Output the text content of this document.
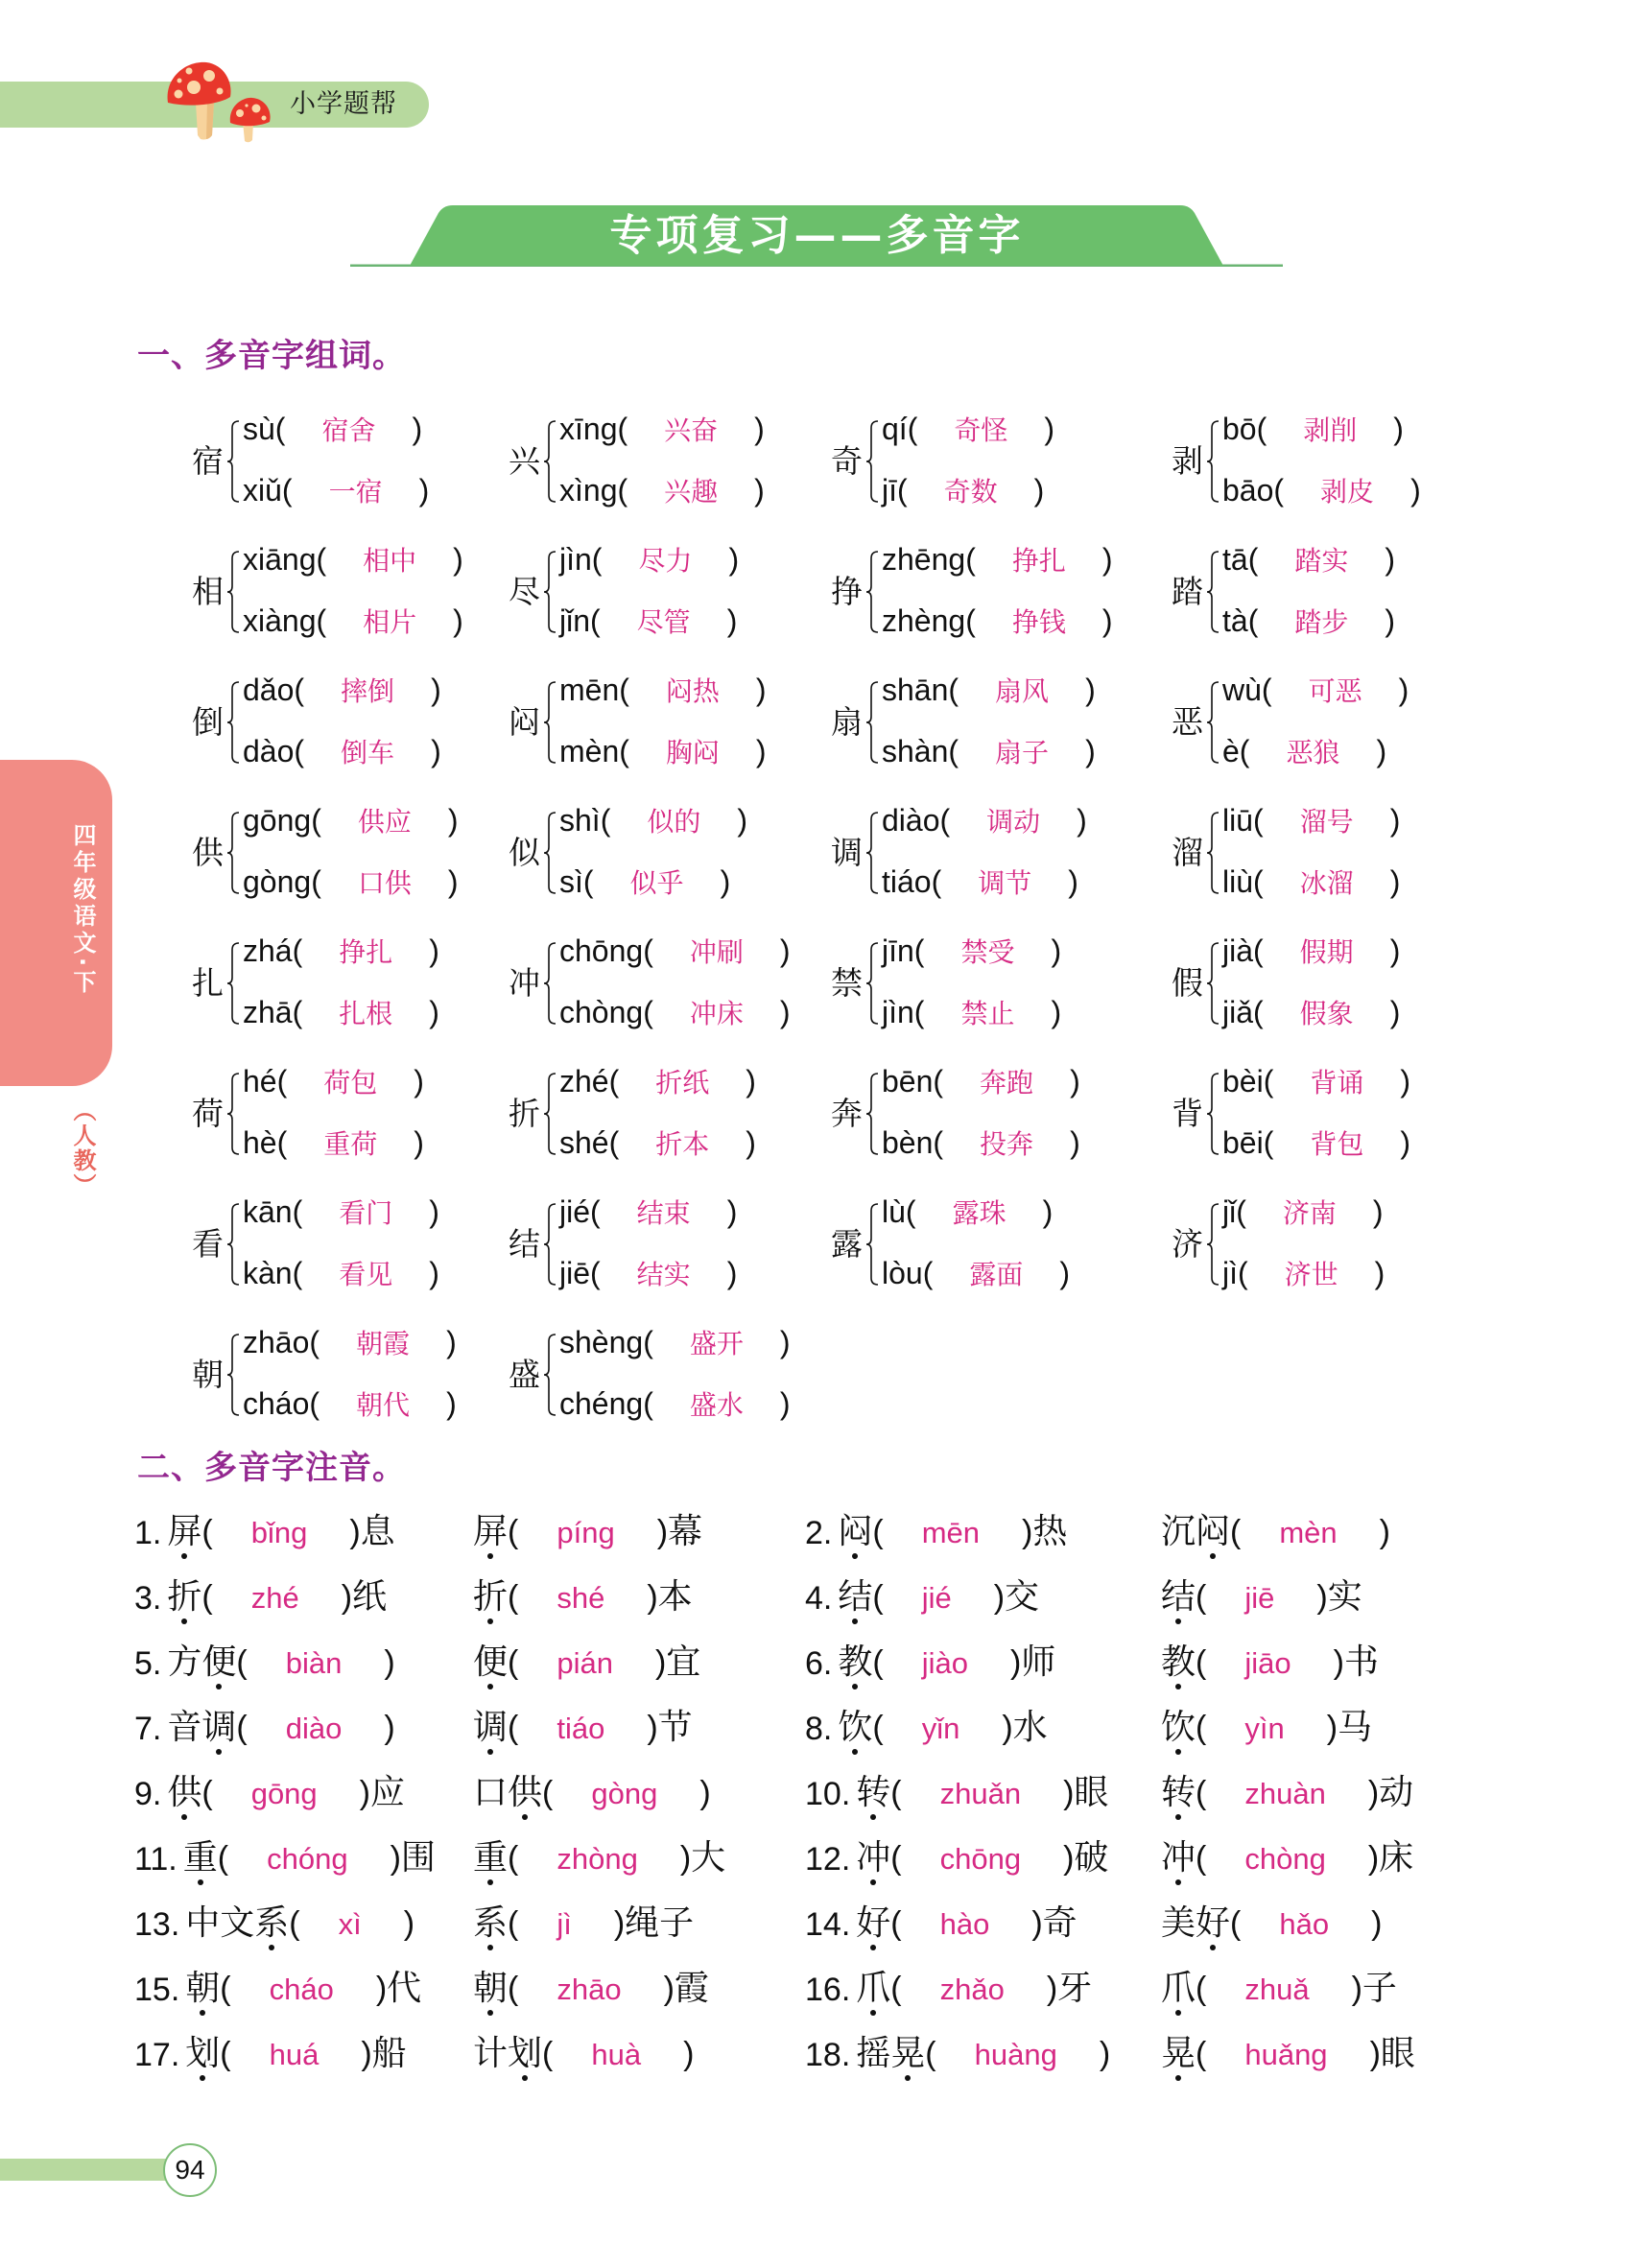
小学题帮
专项复习——多音字
四年级语文·下
（人教）
一、多音字组词。
宿
sù( 宿舍 )
xiǔ( 一宿 )
兴
xīng( 兴奋 )
xìng( 兴趣 )
奇
qí( 奇怪 )
jī( 奇数 )
剥
bō( 剥削 )
bāo( 剥皮 )
相
xiāng( 相中 )
xiàng( 相片 )
尽
jìn( 尽力 )
jǐn( 尽管 )
挣
zhēng( 挣扎 )
zhèng( 挣钱 )
踏
tā( 踏实 )
tà( 踏步 )
倒
dǎo( 摔倒 )
dào( 倒车 )
闷
mēn( 闷热 )
mèn( 胸闷 )
扇
shān( 扇风 )
shàn( 扇子 )
恶
wù( 可恶 )
è( 恶狼 )
供
gōng( 供应 )
gòng( 口供 )
似
shì( 似的 )
sì( 似乎 )
调
diào( 调动 )
tiáo( 调节 )
溜
liū( 溜号 )
liù( 冰溜 )
扎
zhá( 挣扎 )
zhā( 扎根 )
冲
chōng( 冲刷 )
chòng( 冲床 )
禁
jīn( 禁受 )
jìn( 禁止 )
假
jià( 假期 )
jiǎ( 假象 )
荷
hé( 荷包 )
hè( 重荷 )
折
zhé( 折纸 )
shé( 折本 )
奔
bēn( 奔跑 )
bèn( 投奔 )
背
bèi( 背诵 )
bēi( 背包 )
看
kān( 看门 )
kàn( 看见 )
结
jié( 结束 )
jiē( 结实 )
露
lù( 露珠 )
lòu( 露面 )
济
jǐ( 济南 )
jì( 济世 )
朝
zhāo( 朝霞 )
cháo( 朝代 )
盛
shèng( 盛开 )
chéng( 盛水 )
二、多音字注音。
1. 屏( bǐng )息	屏( píng )幕	2. 闷( mēn )热	沉闷( mèn )
3. 折( zhé )纸	折( shé )本	4. 结( jié )交	结( jiē )实
5. 方便( biàn )	便( pián )宜	6. 教( jiào )师	教( jiāo )书
7. 音调( diào )	调( tiáo )节	8. 饮( yǐn )水	饮( yìn )马
9. 供( gōng )应	口供( gòng )	10. 转( zhuǎn )眼	转( zhuàn )动
11. 重( chóng )围	重( zhòng )大	12. 冲( chōng )破	冲( chòng )床
13. 中文系( xì )	系( jì )绳子	14. 好( hào )奇	美好( hǎo )
15. 朝( cháo )代	朝( zhāo )霞	16. 爪( zhǎo )牙	爪( zhuǎ )子
17. 划( huá )船	计划( huà )	18. 摇晃( huàng )	晃( huǎng )眼
94
